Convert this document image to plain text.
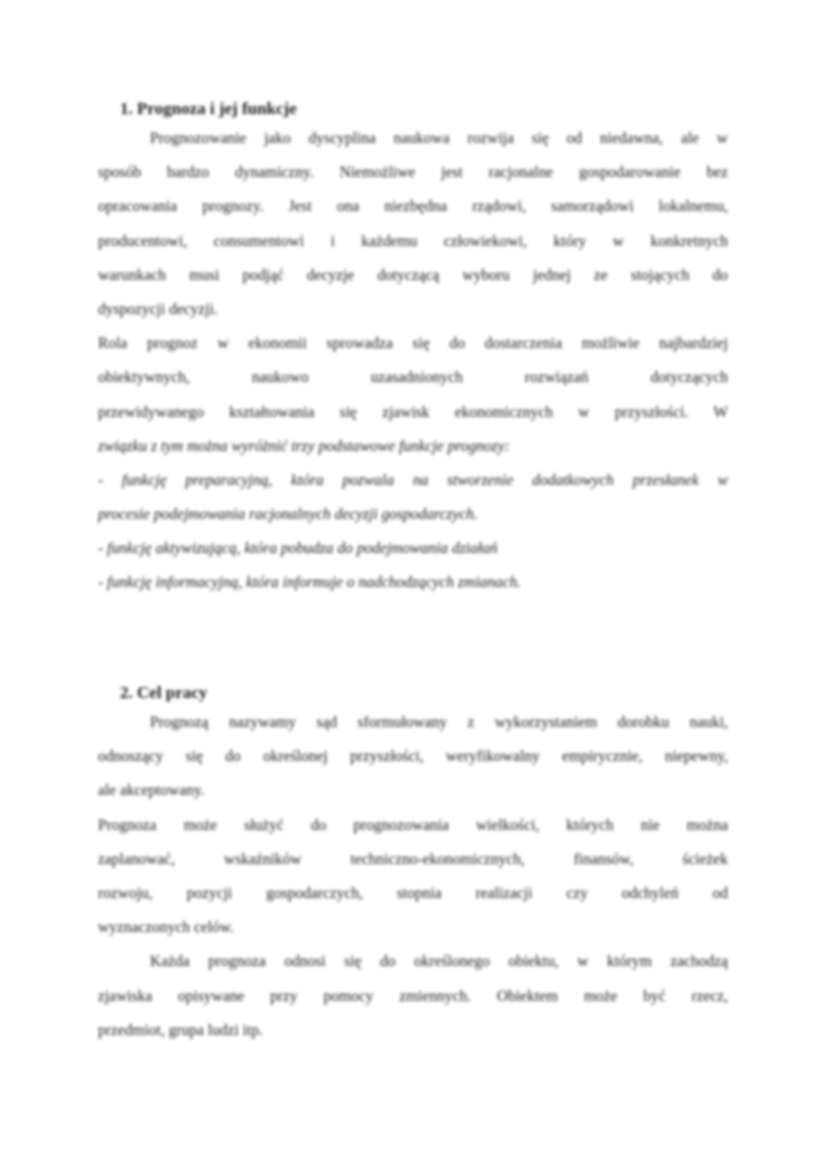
1. Prognoza i jej funkcje
Prognozowanie jako dyscyplina naukowa rozwija się od niedawna, ale w
sposób bardzo dynamiczny. Niemożliwe jest racjonalne gospodarowanie bez
opracowania prognozy. Jest ona niezbędna rządowi, samorządowi lokalnemu,
producentowi, consumentowi i każdemu człowiekowi, który w konkretnych
warunkach musi podjąć decyzje dotyczącą wyboru jednej ze stojących do
dyspozycji decyzji.
Rola prognoz w ekonomii sprowadza się do dostarczenia możliwie najbardziej
obiektywnych, naukowo uzasadnionych rozwiązań dotyczących
przewidywanego kształtowania się zjawisk ekonomicznych w przyszłości. W
związku z tym można wyróżnić trzy podstawowe funkcje prognozy:
- funkcję preparacyjną, która pozwala na stworzenie dodatkowych przesłanek w
procesie podejmowania racjonalnych decyzji gospodarczych.
- funkcję aktywizującą, która pobudza do podejmowania działań
- funkcję informacyjną, która informuje o nadchodzących zmianach.
2. Cel pracy
Prognozą nazywamy sąd sformułowany z wykorzystaniem dorobku nauki,
odnoszący się do określonej przyszłości, weryfikowalny empirycznie, niepewny,
ale akceptowany.
Prognoza może służyć do prognozowania wielkości, których nie można
zaplanować, wskaźników techniczno-ekonomicznych, finansów, ścieżek
rozwoju, pozycji gospodarczych, stopnia realizacji czy odchyleń od
wyznaczonych celów.
Każda prognoza odnosi się do określonego obiektu, w którym zachodzą
zjawiska opisywane przy pomocy zmiennych. Obiektem może być rzecz,
przedmiot, grupa ludzi itp.
